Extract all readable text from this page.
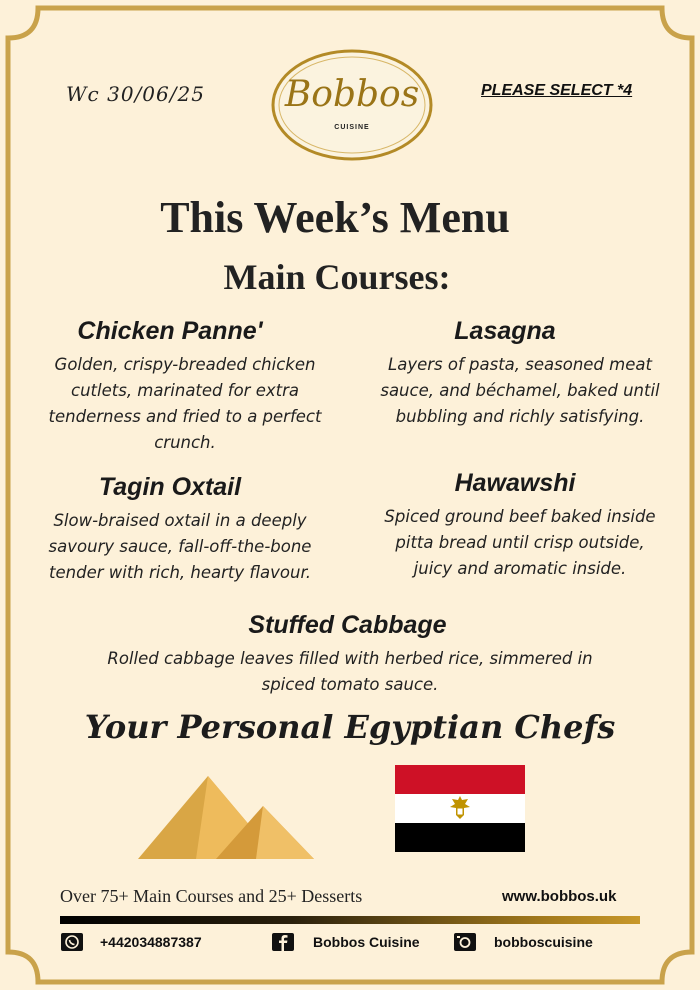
Wc 30/06/25	Bobbos
CUISINE
PLEASE SELECT *4
This Week’s Menu
Main Courses:
Chicken Panne'
Golden, crispy-breaded chicken
cutlets, marinated for extra
tenderness and fried to a perfect
crunch.
Lasagna
Layers of pasta, seasoned meat
sauce, and béchamel, baked until
bubbling and richly satisfying.
Tagin Oxtail
Slow-braised oxtail in a deeply
savoury sauce, fall-off-the-bone
tender with rich, hearty flavour.
Hawawshi
Spiced ground beef baked inside
pitta bread until crisp outside,
juicy and aromatic inside.
Stuffed Cabbage
Rolled cabbage leaves filled with herbed rice, simmered in
spiced tomato sauce.
Your Personal Egyptian Chefs
Over 75+ Main Courses and 25+ Desserts	www.bobbos.uk
+442034887387	Bobbos Cuisine	bobboscuisine
